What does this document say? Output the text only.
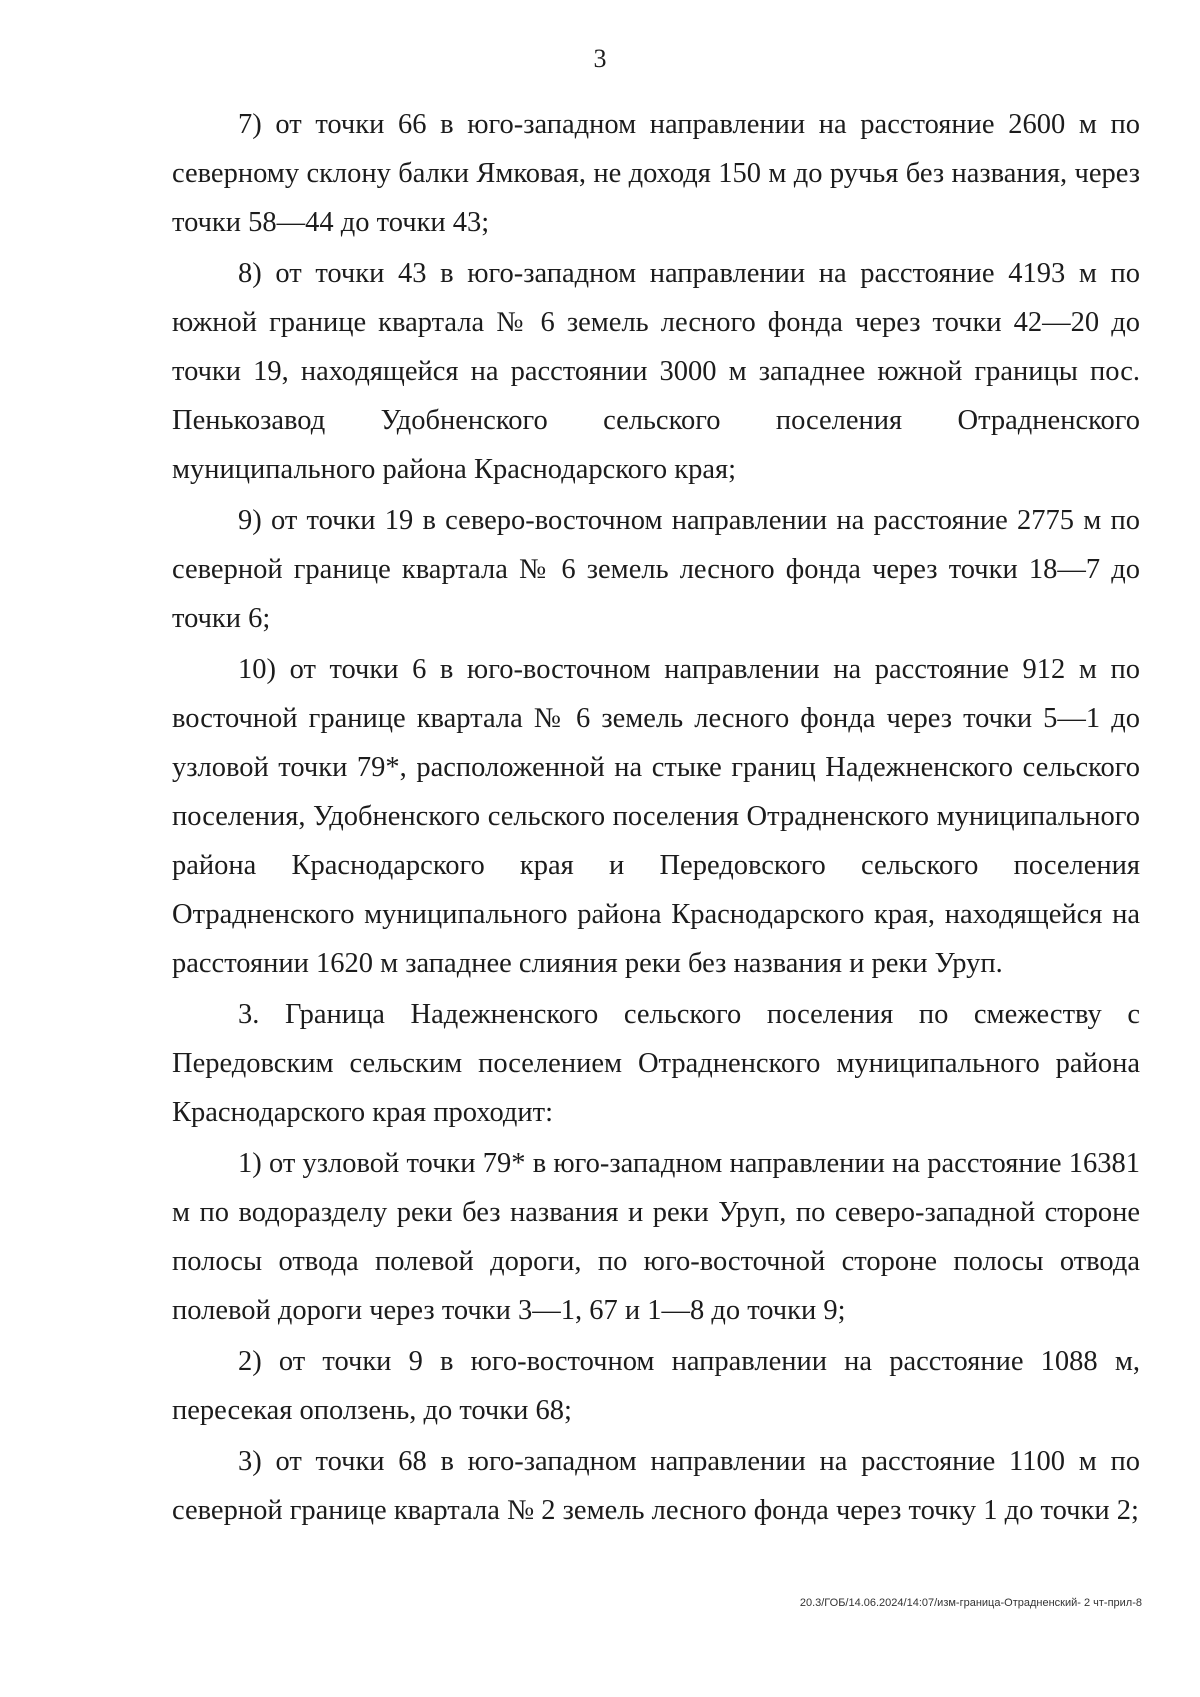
3

7) от точки 66 в юго-западном направлении на расстояние 2600 м по северному склону балки Ямковая, не доходя 150 м до ручья без названия, через точки 58—44 до точки 43;

8) от точки 43 в юго-западном направлении на расстояние 4193 м по южной границе квартала № 6 земель лесного фонда через точки 42—20 до точки 19, находящейся на расстоянии 3000 м западнее южной границы пос. Пенькозавод Удобненского сельского поселения Отрадненского муниципального района Краснодарского края;

9) от точки 19 в северо-восточном направлении на расстояние 2775 м по северной границе квартала № 6 земель лесного фонда через точки 18—7 до точки 6;

10) от точки 6 в юго-восточном направлении на расстояние 912 м по восточной границе квартала № 6 земель лесного фонда через точки 5—1 до узловой точки 79*, расположенной на стыке границ Надежненского сельского поселения, Удобненского сельского поселения Отрадненского муниципального района Краснодарского края и Передовского сельского поселения Отрадненского муниципального района Краснодарского края, находящейся на расстоянии 1620 м западнее слияния реки без названия и реки Уруп.

3. Граница Надежненского сельского поселения по смежеству с Передовским сельским поселением Отрадненского муниципального района Краснодарского края проходит:

1) от узловой точки 79* в юго-западном направлении на расстояние 16381 м по водоразделу реки без названия и реки Уруп, по северо-западной стороне полосы отвода полевой дороги, по юго-восточной стороне полосы отвода полевой дороги через точки 3—1, 67 и 1—8 до точки 9;

2) от точки 9 в юго-восточном направлении на расстояние 1088 м, пересекая оползень, до точки 68;

3) от точки 68 в юго-западном направлении на расстояние 1100 м по северной границе квартала № 2 земель лесного фонда через точку 1 до точки 2;

20.3/ГОБ/14.06.2024/14:07/изм-граница-Отрадненский- 2 чт-прил-8
